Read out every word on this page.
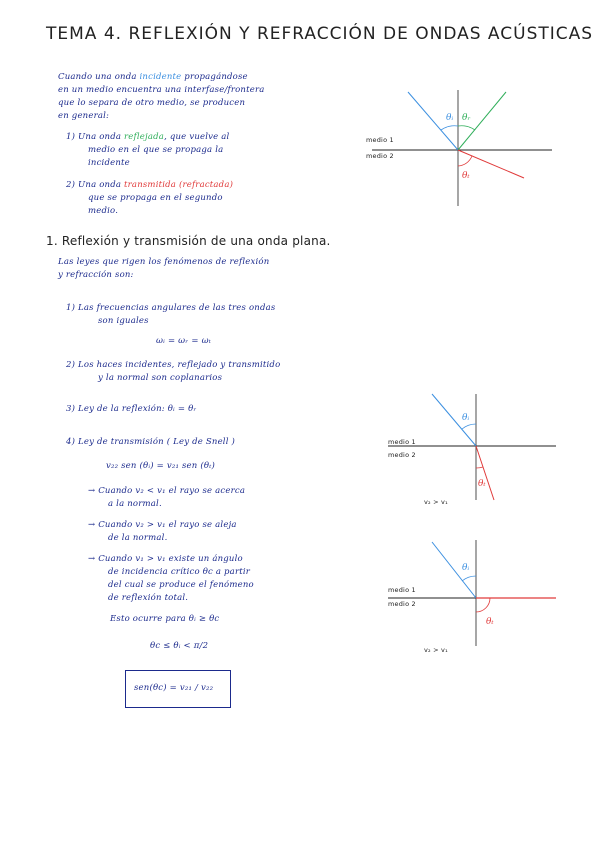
TEMA 4. REFLEXIÓN Y REFRACCIÓN DE ONDAS ACÚSTICAS
Cuando una onda incidente propagándose
en un medio encuentra una interfase/frontera
que lo separa de otro medio, se producen
en general:
1) Una onda reflejada, que vuelve al
medio en el que se propaga la
incidente
2) Una onda transmitida (refractada)
que se propaga en el segundo
medio.
θᵢ θᵣ
θₜ
medio 1
medio 2
1. Reflexión y transmisión de una onda plana.
Las leyes que rigen los fenómenos de reflexión
y refracción son:
1) Las frecuencias angulares de las tres ondas
son iguales
ωᵢ = ωᵣ = ωₜ
2) Los haces incidentes, reflejado y transmitido
y la normal son coplanarios
3) Ley de la reflexión: θᵢ = θᵣ
4) Ley de transmisión ( Ley de Snell )
v₂₂ sen (θᵢ) = v₂₁ sen (θₜ)
→ Cuando v₂ < v₁ el rayo se acerca
a la normal.
→ Cuando v₂ > v₁ el rayo se aleja
de la normal.
→ Cuando v₁ > v₁ existe un ángulo
de incidencia crítico θc a partir
del cual se produce el fenómeno
de reflexión total.
Esto ocurre para θᵢ ≥ θc
θc ≤ θᵢ < π/2
sen(θc) = v₂₁ / v₂₂
θᵢ
θₜ
medio 1
medio 2
v₂ > v₁
θᵢ
θₜ
medio 1
medio 2
v₂ > v₁
